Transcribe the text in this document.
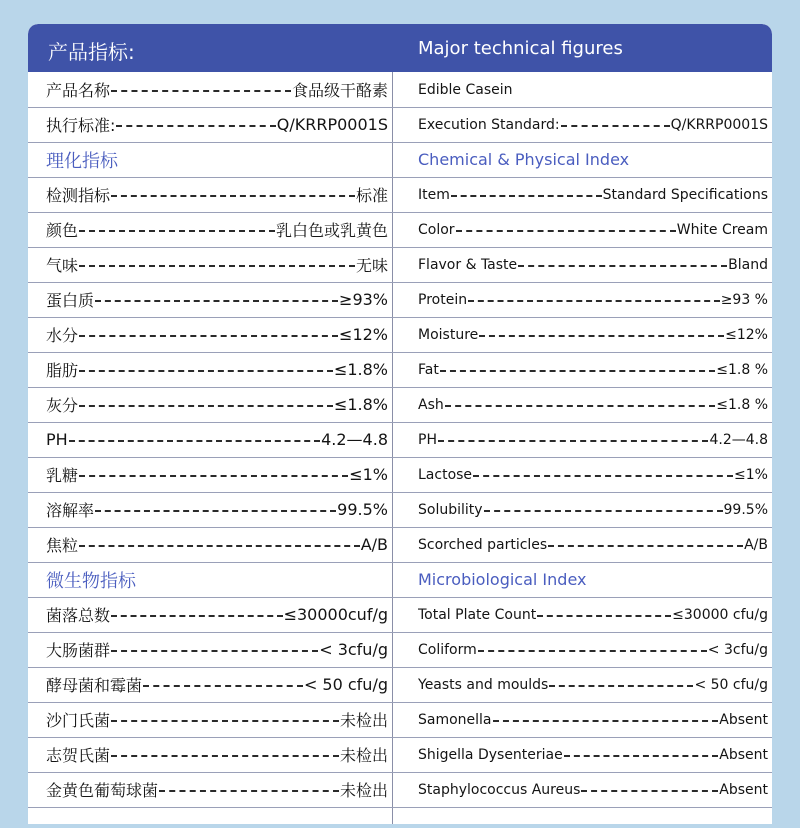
产品指标:	Major technical figures
产品名称	食品级干酪素 Edible Casein
执行标准:	Q/KRRP0001S Execution Standard:	Q/KRRP0001S
理化指标	Chemical & Physical Index
检测指标	标准 Item	Standard Specifications
颜色	乳白色或乳黄色 Color	White Cream
气味	无味 Flavor & Taste	Bland
蛋白质	≥93% Protein	≥93 %
水分	≤12% Moisture	≤12%
脂肪	≤1.8% Fat	≤1.8 %
灰分	≤1.8% Ash	≤1.8 %
PH	4.2—4.8 PH	4.2—4.8
乳糖	≤1% Lactose	≤1%
溶解率	99.5% Solubility	99.5%
焦粒	A/B Scorched particles	A/B
微生物指标	Microbiological Index
菌落总数	≤30000cuf/g Total Plate Count	≤30000 cfu/g
大肠菌群	< 3cfu/g Coliform	< 3cfu/g
酵母菌和霉菌	< 50 cfu/g Yeasts and moulds	< 50 cfu/g
沙门氏菌	未检出 Samonella	Absent
志贺氏菌	未检出 Shigella Dysenteriae	Absent
金黄色葡萄球菌	未检出 Staphylococcus Aureus	Absent
